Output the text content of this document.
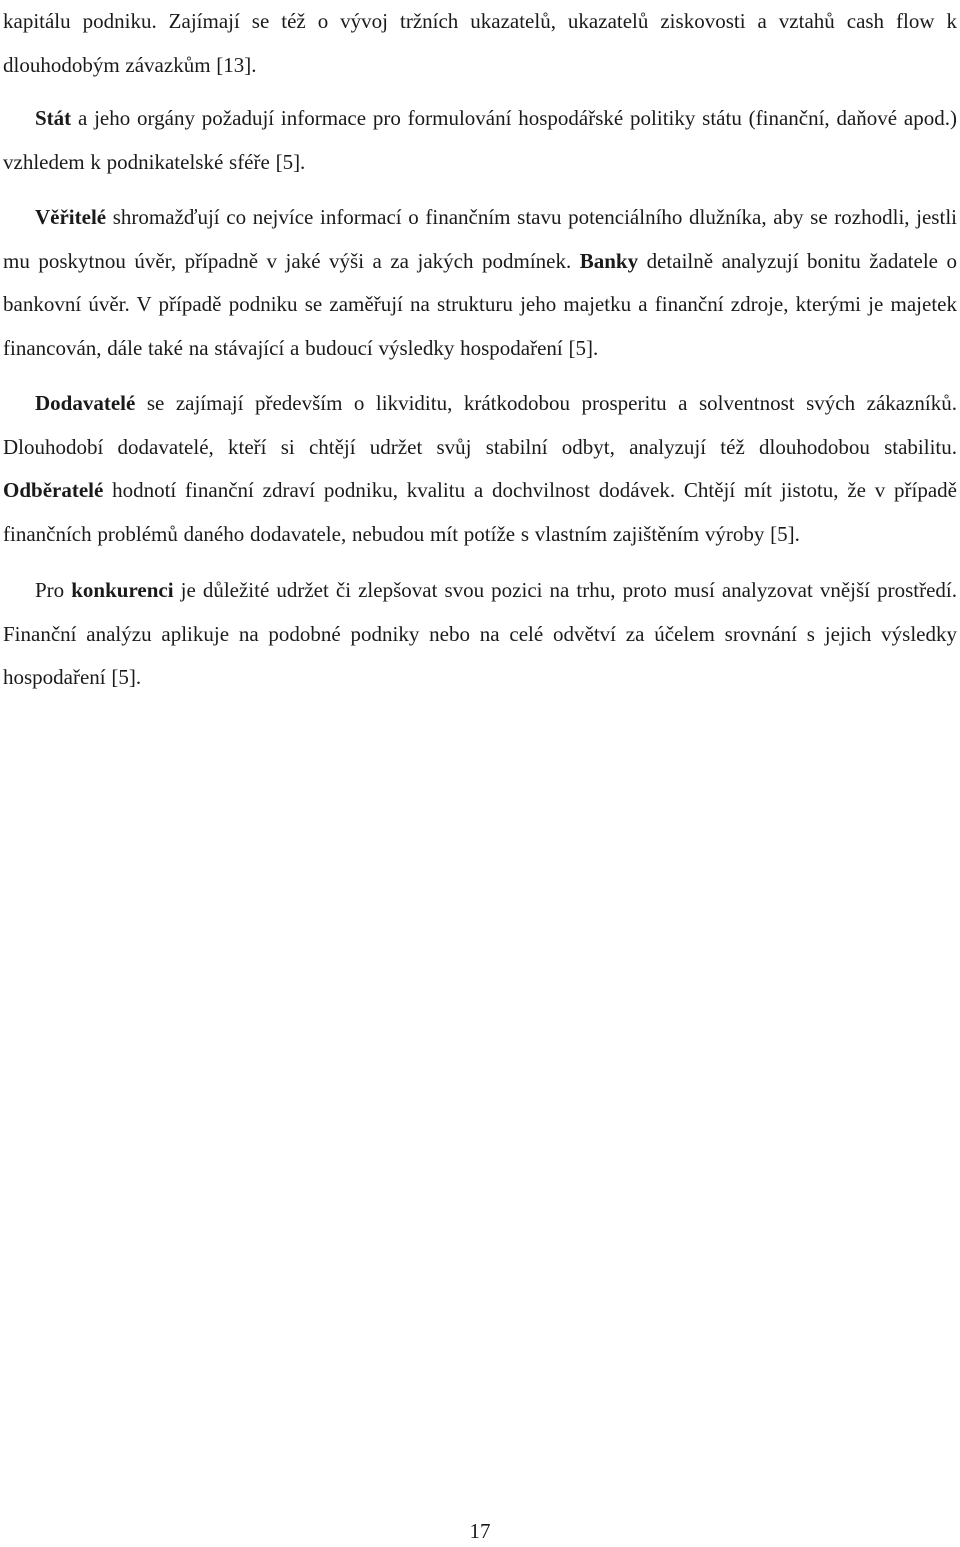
kapitálu podniku. Zajímají se též o vývoj tržních ukazatelů, ukazatelů ziskovosti a vztahů cash flow k dlouhodobým závazkům [13].

Stát a jeho orgány požadují informace pro formulování hospodářské politiky státu (finanční, daňové apod.) vzhledem k podnikatelské sféře [5].

Věřitelé shromažďují co nejvíce informací o finančním stavu potenciálního dlužníka, aby se rozhodli, jestli mu poskytnou úvěr, případně v jaké výši a za jakých podmínek. Banky detailně analyzují bonitu žadatele o bankovní úvěr. V případě podniku se zaměřují na strukturu jeho majetku a finanční zdroje, kterými je majetek financován, dále také na stávající a budoucí výsledky hospodaření [5].

Dodavatelé se zajímají především o likviditu, krátkodobou prosperitu a solventnost svých zákazníků. Dlouhodobí dodavatelé, kteří si chtějí udržet svůj stabilní odbyt, analyzují též dlouhodobou stabilitu. Odběratelé hodnotí finanční zdraví podniku, kvalitu a dochvilnost dodávek. Chtějí mít jistotu, že v případě finančních problémů daného dodavatele, nebudou mít potíže s vlastním zajištěním výroby [5].

Pro konkurenci je důležité udržet či zlepšovat svou pozici na trhu, proto musí analyzovat vnější prostředí. Finanční analýzu aplikuje na podobné podniky nebo na celé odvětví za účelem srovnání s jejich výsledky hospodaření [5].

17
